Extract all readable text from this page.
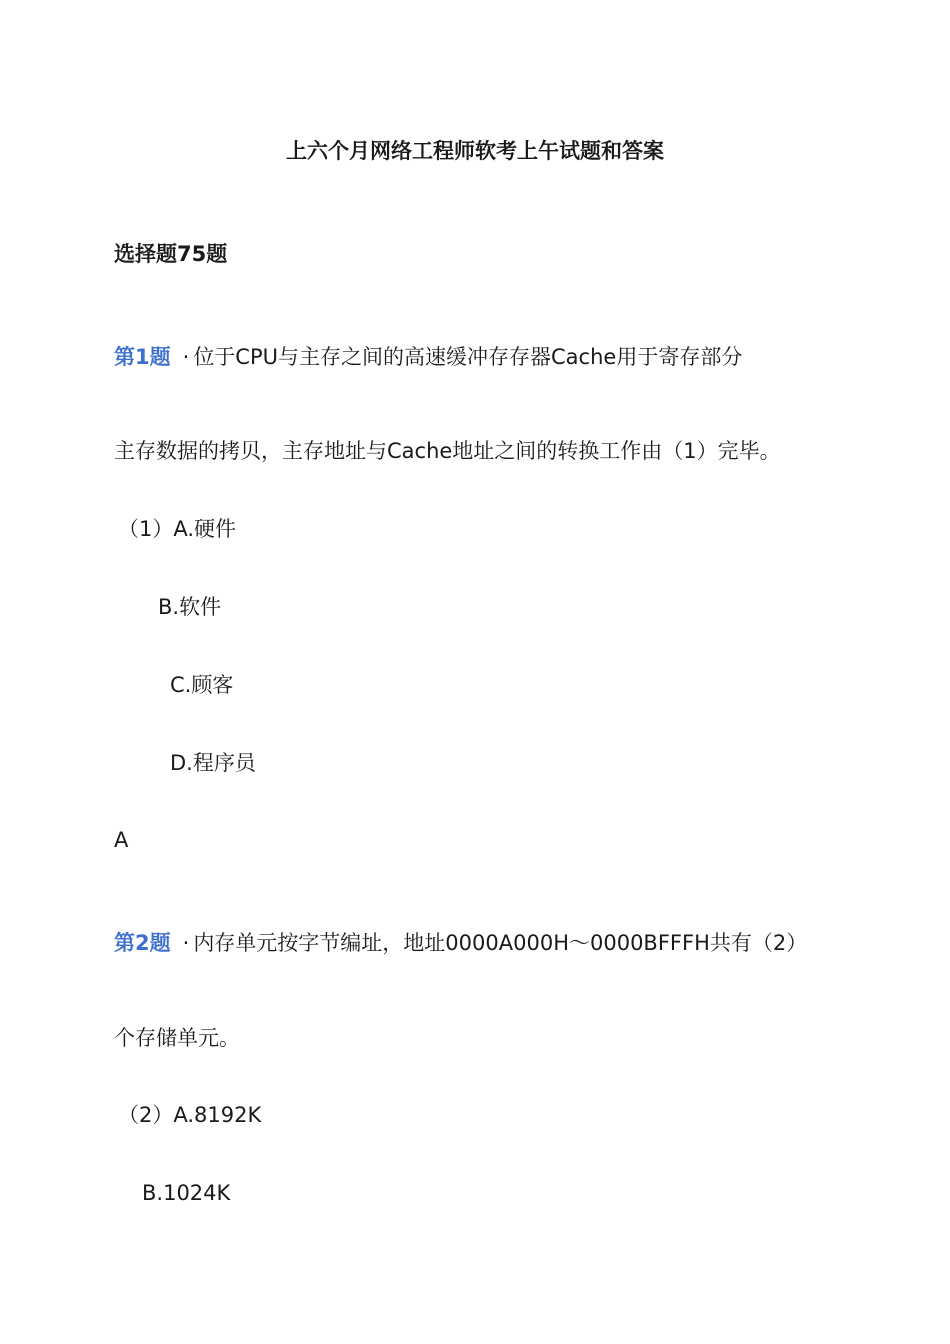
上六个月网络工程师软考上午试题和答案
选择题75题
第1题 · 位于CPU与主存之间的高速缓冲存存器Cache用于寄存部分
主存数据的拷贝，主存地址与Cache地址之间的转换工作由（1）完毕。
（1）A.硬件
B.软件
C.顾客
D.程序员
A
第2题 · 内存单元按字节编址，地址0000A000H～0000BFFFH共有（2）
个存储单元。
（2）A.8192K
B.1024K
